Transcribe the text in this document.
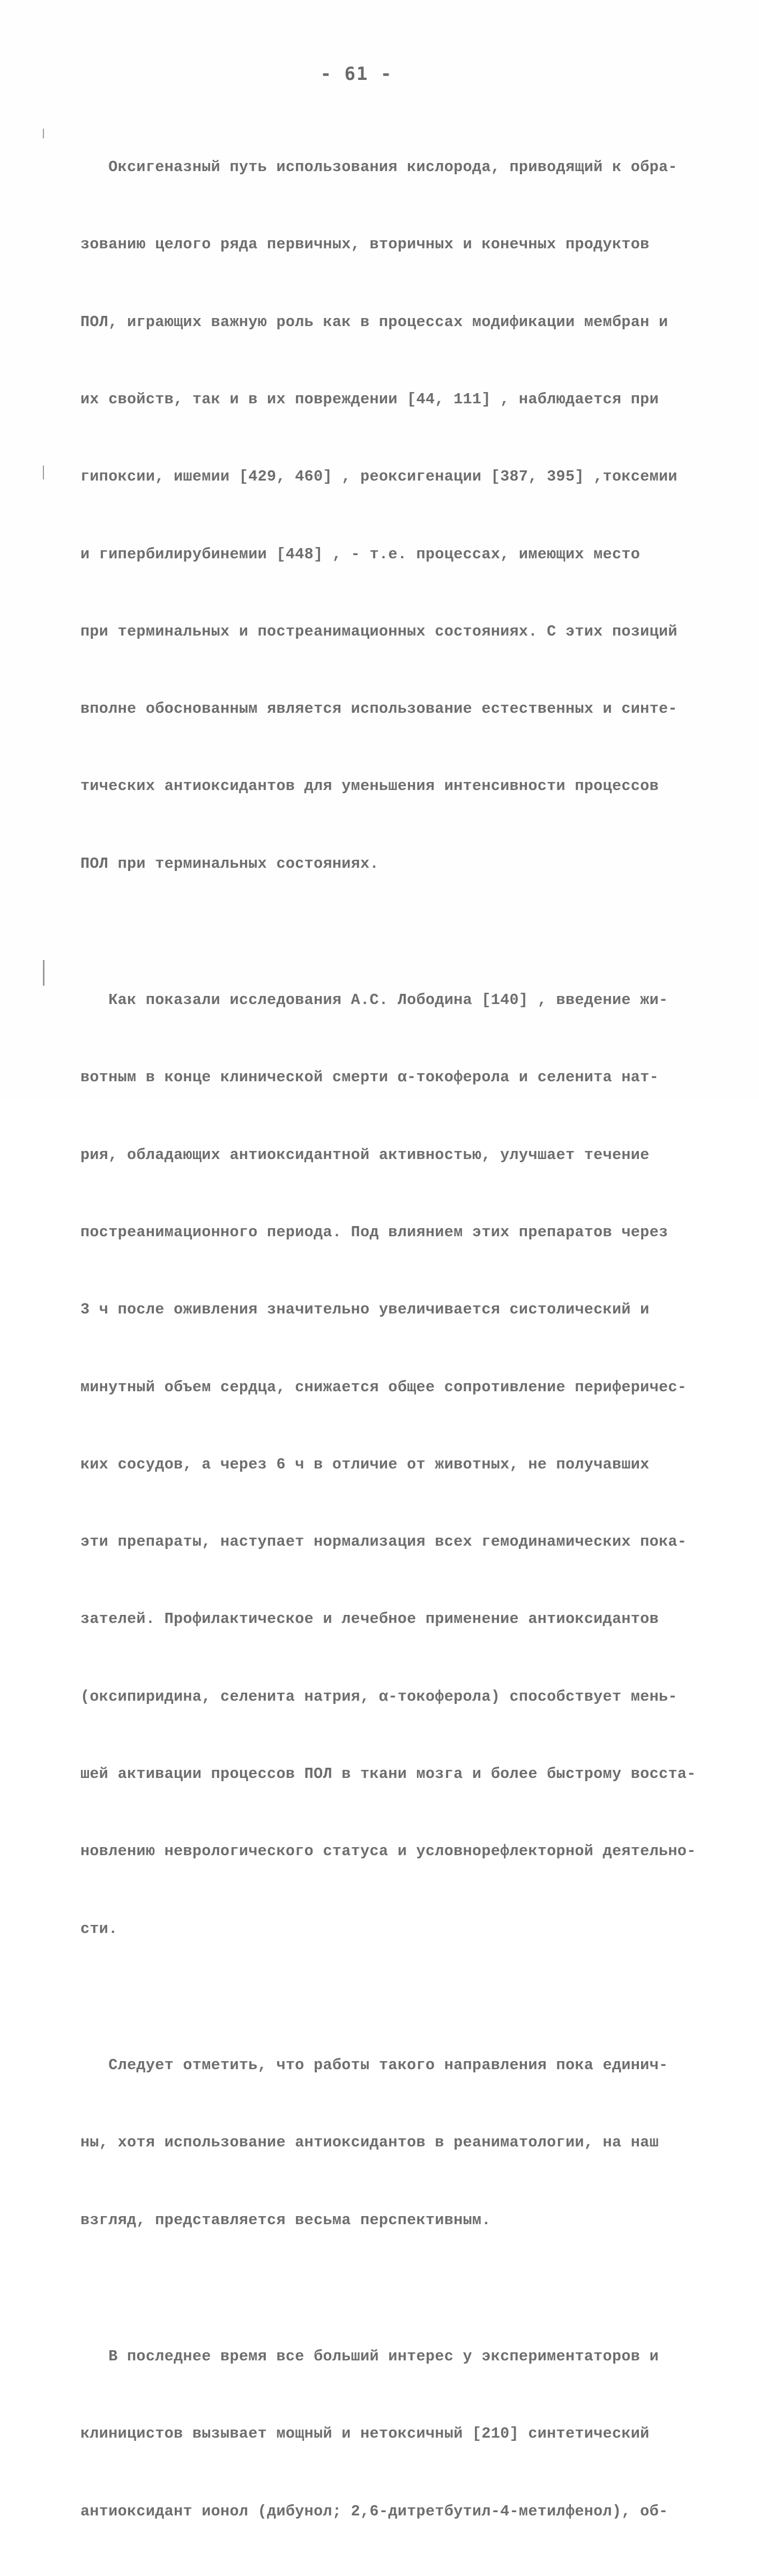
- 61 -

Оксигеназный путь использования кислорода, приводящий к обра-

зованию целого ряда первичных, вторичных и конечных продуктов

ПОЛ, играющих важную роль как в процессах модификации мембран и

их свойств, так и в их повреждении [44, 111] , наблюдается при

гипоксии, ишемии [429, 460] , реоксигенации [387, 395] ,токсемии

и гипербилирубинемии [448] , - т.е. процессах, имеющих место

при терминальных и постреанимационных состояниях. С этих позиций

вполне обоснованным является использование естественных и синте-

тических антиоксидантов для уменьшения интенсивности процессов

ПОЛ при терминальных состояниях.

Как показали исследования А.С. Лободина [140] , введение жи-

вотным в конце клинической смерти α-токоферола и селенита нат-

рия, обладающих антиоксидантной активностью, улучшает течение

постреанимационного периода. Под влиянием этих препаратов через

3 ч после оживления значительно увеличивается систолический и

минутный объем сердца, снижается общее сопротивление периферичес-

ких сосудов, а через 6 ч в отличие от животных, не получавших

эти препараты, наступает нормализация всех гемодинамических пока-

зателей. Профилактическое и лечебное применение антиоксидантов

(оксипиридина, селенита натрия, α-токоферола) способствует мень-

шей активации процессов ПОЛ в ткани мозга и более быстрому восста-

новлению неврологического статуса и условнорефлекторной деятельно-

сти.

Следует отметить, что работы такого направления пока единич-

ны, хотя использование антиоксидантов в реаниматологии, на наш

взгляд, представляется весьма перспективным.

В последнее время все больший интерес у экспериментаторов и

клиницистов вызывает мощный и нетоксичный [210] синтетический

антиоксидант ионол (дибунол; 2,6-дитретбутил-4-метилфенол), об-
